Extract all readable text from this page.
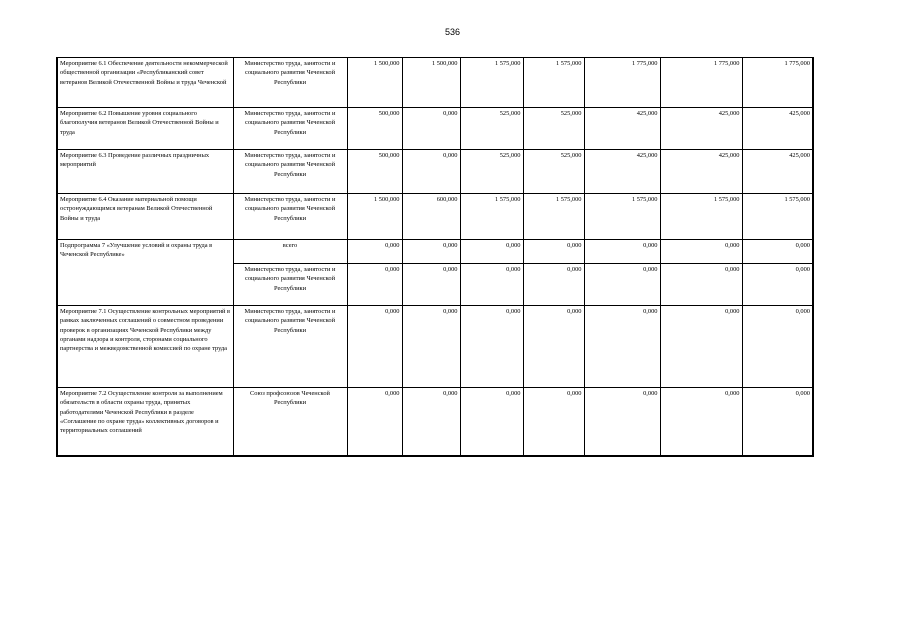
536
Мероприятие 6.1 Обеспечение деятельности некоммерческой общественной организации «Республиканский совет ветеранов Великой Отечественной Войны и труда Чеченской	Министерство труда, занятости и социального развития Чеченской Республики	1 500,000	1 500,000	1 575,000	1 575,000	1 775,000	1 775,000	1 775,000
Мероприятие 6.2 Повышение уровня социального благополучия ветеранов Великой Отечественной Войны и труда	Министерство труда, занятости и социального развития Чеченской Республики	500,000	0,000	525,000	525,000	425,000	425,000	425,000
Мероприятие 6.3 Проведение различных праздничных мероприятий	Министерство труда, занятости и социального развития Чеченской Республики	500,000	0,000	525,000	525,000	425,000	425,000	425,000
Мероприятие 6.4 Оказание материальной помощи остронуждающимся ветеранам Великой Отечественной Войны и труда	Министерство труда, занятости и социального развития Чеченской Республики	1 500,000	600,000	1 575,000	1 575,000	1 575,000	1 575,000	1 575,000
Подпрограмма 7 «Улучшение условий и охраны труда в Чеченской Республике»	всего	0,000	0,000	0,000	0,000	0,000	0,000	0,000
	Министерство труда, занятости и социального развития Чеченской Республики	0,000	0,000	0,000	0,000	0,000	0,000	0,000
Мероприятие 7.1 Осуществление контрольных мероприятий в рамках заключенных соглашений о совместном проведении проверок в организациях Чеченской Республики между органами надзора и контроля, сторонами социального партнерства и межведомственной комиссией по охране труда	Министерство труда, занятости и социального развития Чеченской Республики	0,000	0,000	0,000	0,000	0,000	0,000	0,000
Мероприятие 7.2 Осуществление контроля за выполнением обязательств в области охраны труда, принятых работодателями Чеченской Республики в разделе «Соглашение по охране труда» коллективных договоров и территориальных соглашений	Союз профсоюзов Чеченской Республики	0,000	0,000	0,000	0,000	0,000	0,000	0,000
